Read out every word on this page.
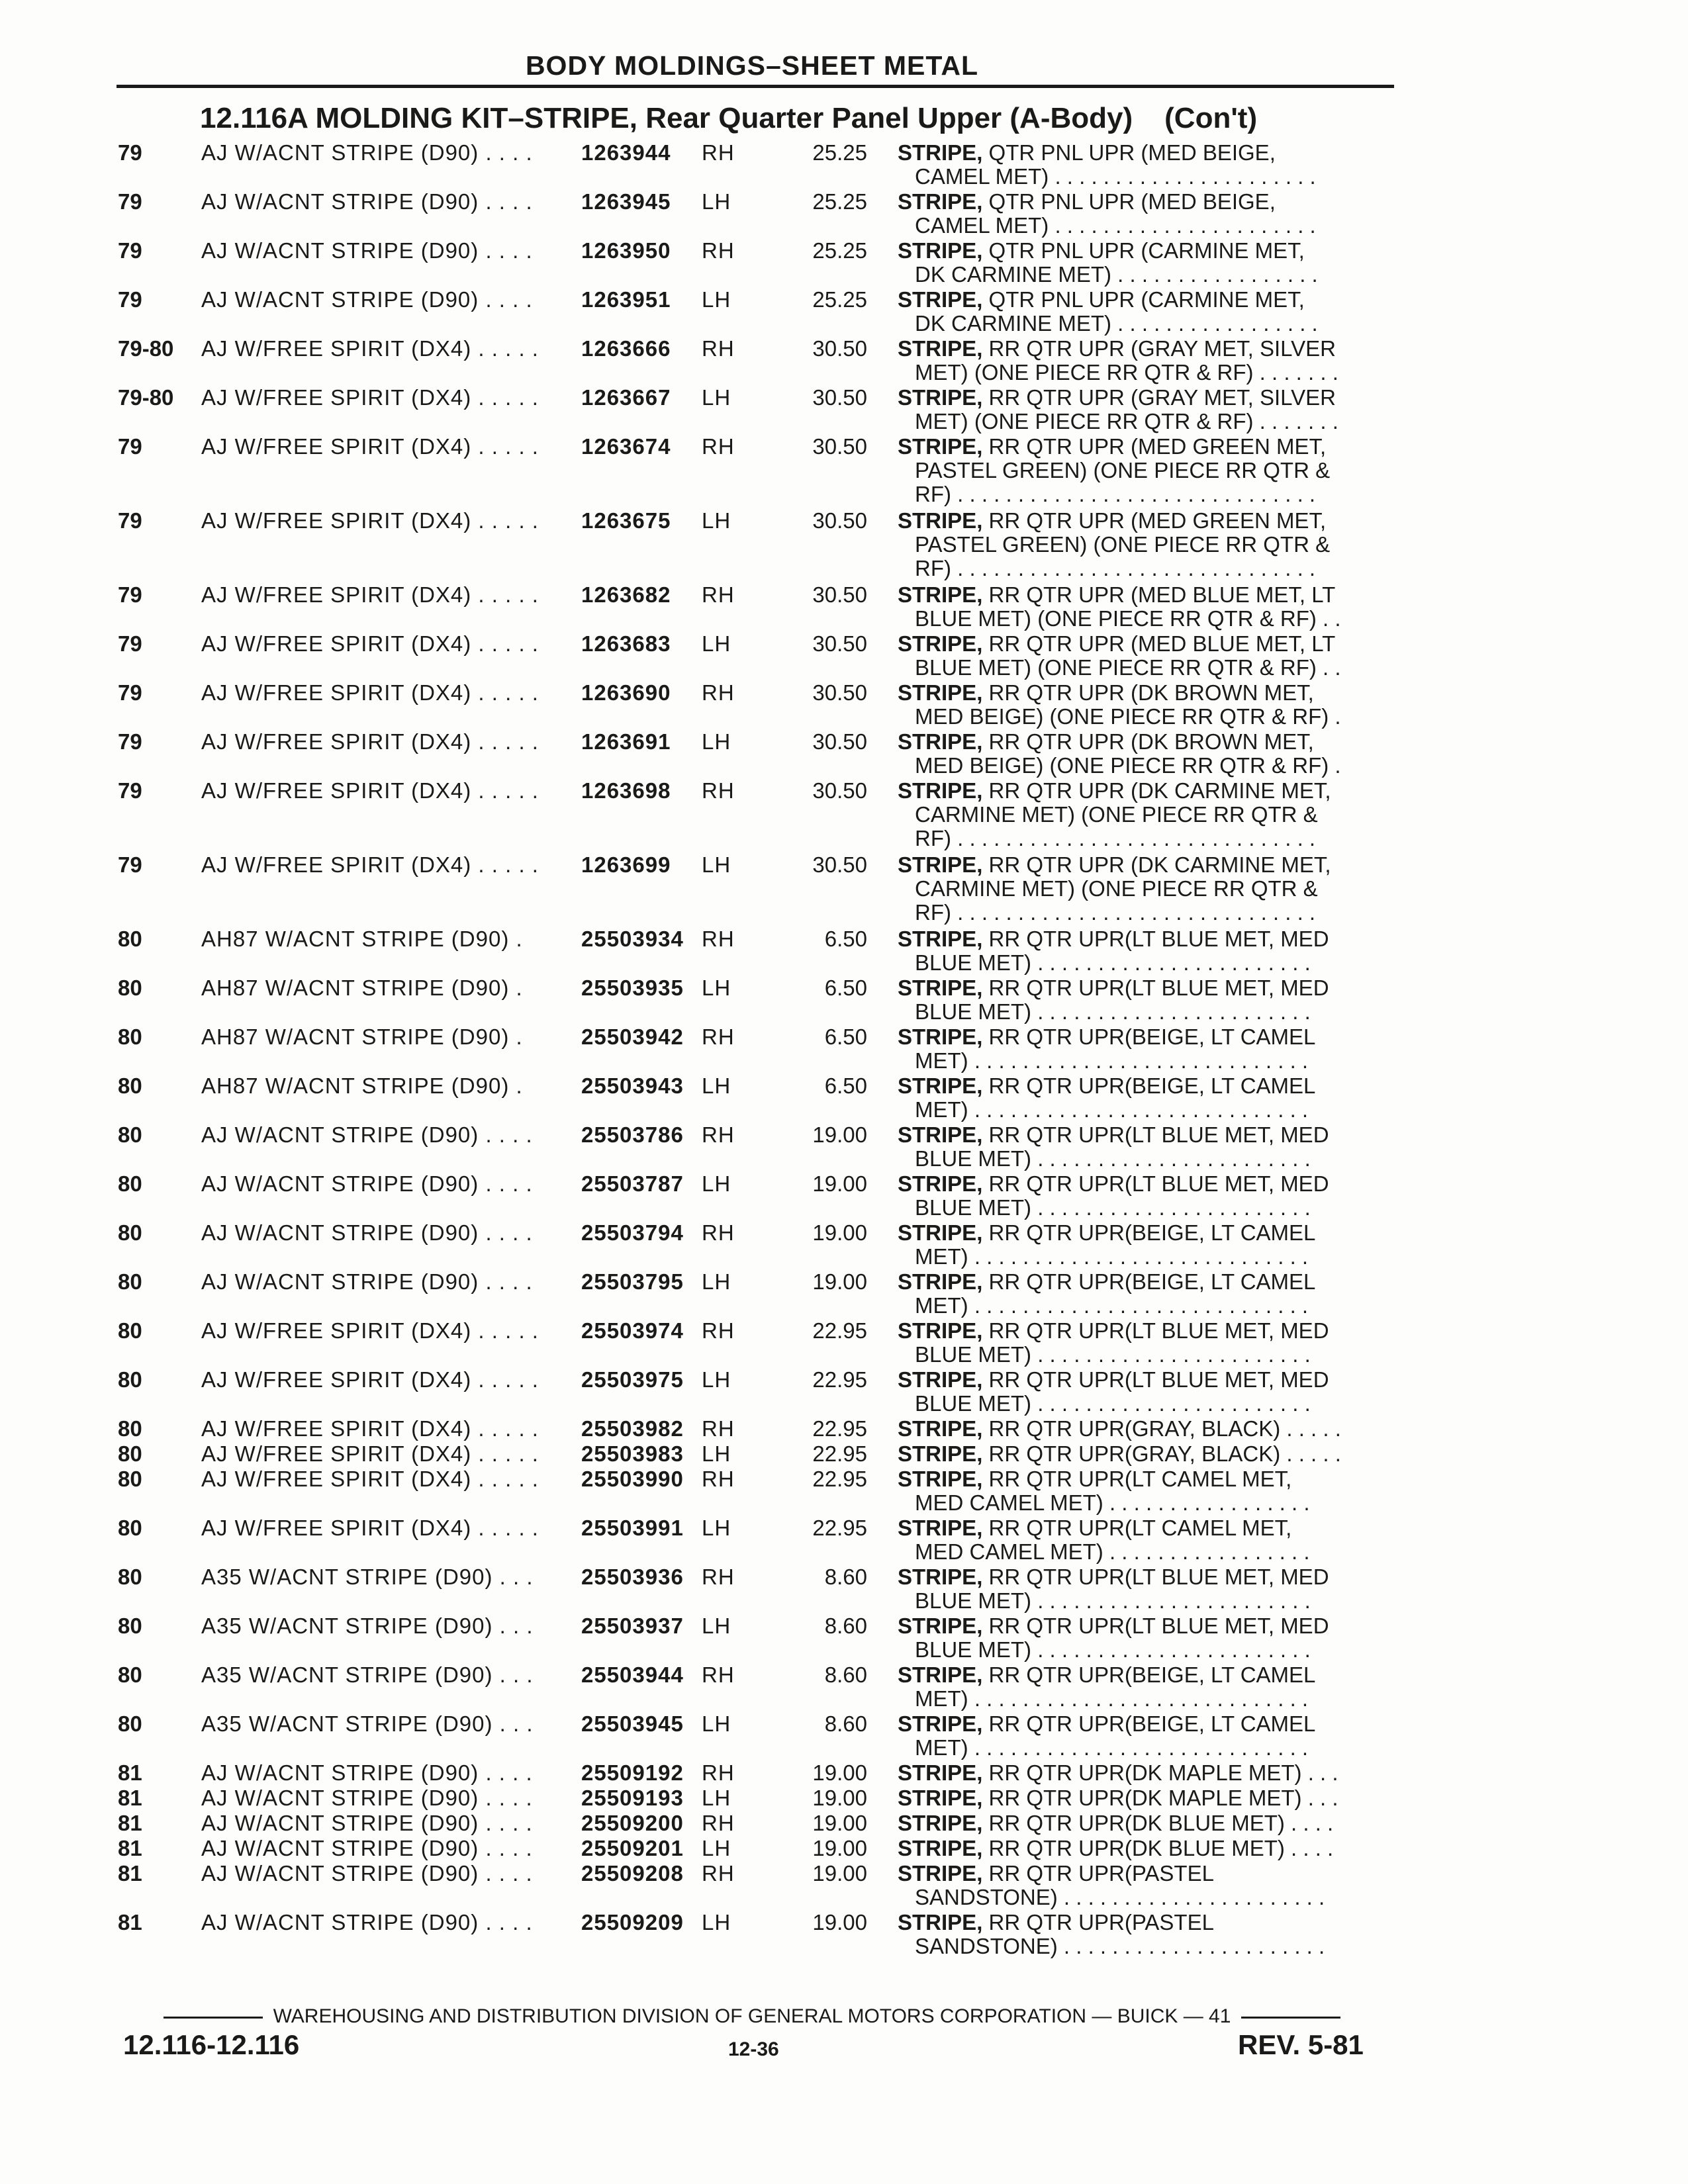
BODY MOLDINGS–SHEET METAL
12.116A MOLDING KIT–STRIPE, Rear Quarter Panel Upper (A-Body) (Con't)
79	AJ W/ACNT STRIPE (D90) . . . . 1263944 RH	25.25 STRIPE, QTR PNL UPR (MED BEIGE,
CAMEL MET) . . . . . . . . . . . . . . . . . . . . . .
79	AJ W/ACNT STRIPE (D90) . . . . 1263945 LH	25.25 STRIPE, QTR PNL UPR (MED BEIGE,
CAMEL MET) . . . . . . . . . . . . . . . . . . . . . .
79	AJ W/ACNT STRIPE (D90) . . . . 1263950 RH	25.25 STRIPE, QTR PNL UPR (CARMINE MET,
DK CARMINE MET) . . . . . . . . . . . . . . . . .
79	AJ W/ACNT STRIPE (D90) . . . . 1263951 LH	25.25 STRIPE, QTR PNL UPR (CARMINE MET,
DK CARMINE MET) . . . . . . . . . . . . . . . . .
79-80 AJ W/FREE SPIRIT (DX4) . . . . . 1263666 RH	30.50 STRIPE, RR QTR UPR (GRAY MET, SILVER
MET) (ONE PIECE RR QTR & RF) . . . . . . .
79-80 AJ W/FREE SPIRIT (DX4) . . . . . 1263667 LH	30.50 STRIPE, RR QTR UPR (GRAY MET, SILVER
MET) (ONE PIECE RR QTR & RF) . . . . . . .
79	AJ W/FREE SPIRIT (DX4) . . . . . 1263674 RH	30.50 STRIPE, RR QTR UPR (MED GREEN MET,
PASTEL GREEN) (ONE PIECE RR QTR &
RF) . . . . . . . . . . . . . . . . . . . . . . . . . . . . . .
79	AJ W/FREE SPIRIT (DX4) . . . . . 1263675 LH	30.50 STRIPE, RR QTR UPR (MED GREEN MET,
PASTEL GREEN) (ONE PIECE RR QTR &
RF) . . . . . . . . . . . . . . . . . . . . . . . . . . . . . .
79	AJ W/FREE SPIRIT (DX4) . . . . . 1263682 RH	30.50 STRIPE, RR QTR UPR (MED BLUE MET, LT
BLUE MET) (ONE PIECE RR QTR & RF) . .
79	AJ W/FREE SPIRIT (DX4) . . . . . 1263683 LH	30.50 STRIPE, RR QTR UPR (MED BLUE MET, LT
BLUE MET) (ONE PIECE RR QTR & RF) . .
79	AJ W/FREE SPIRIT (DX4) . . . . . 1263690 RH	30.50 STRIPE, RR QTR UPR (DK BROWN MET,
MED BEIGE) (ONE PIECE RR QTR & RF) .
79	AJ W/FREE SPIRIT (DX4) . . . . . 1263691 LH	30.50 STRIPE, RR QTR UPR (DK BROWN MET,
MED BEIGE) (ONE PIECE RR QTR & RF) .
79	AJ W/FREE SPIRIT (DX4) . . . . . 1263698 RH	30.50 STRIPE, RR QTR UPR (DK CARMINE MET,
CARMINE MET) (ONE PIECE RR QTR &
RF) . . . . . . . . . . . . . . . . . . . . . . . . . . . . . .
79	AJ W/FREE SPIRIT (DX4) . . . . . 1263699 LH	30.50 STRIPE, RR QTR UPR (DK CARMINE MET,
CARMINE MET) (ONE PIECE RR QTR &
RF) . . . . . . . . . . . . . . . . . . . . . . . . . . . . . .
80	AH87 W/ACNT STRIPE (D90) .	25503934 RH	6.50 STRIPE, RR QTR UPR(LT BLUE MET, MED
BLUE MET) . . . . . . . . . . . . . . . . . . . . . . .
80	AH87 W/ACNT STRIPE (D90) .	25503935 LH	6.50 STRIPE, RR QTR UPR(LT BLUE MET, MED
BLUE MET) . . . . . . . . . . . . . . . . . . . . . . .
80	AH87 W/ACNT STRIPE (D90) .	25503942 RH	6.50 STRIPE, RR QTR UPR(BEIGE, LT CAMEL
MET) . . . . . . . . . . . . . . . . . . . . . . . . . . . .
80	AH87 W/ACNT STRIPE (D90) .	25503943 LH	6.50 STRIPE, RR QTR UPR(BEIGE, LT CAMEL
MET) . . . . . . . . . . . . . . . . . . . . . . . . . . . .
80	AJ W/ACNT STRIPE (D90) . . . . 25503786 RH	19.00 STRIPE, RR QTR UPR(LT BLUE MET, MED
BLUE MET) . . . . . . . . . . . . . . . . . . . . . . .
80	AJ W/ACNT STRIPE (D90) . . . . 25503787 LH	19.00 STRIPE, RR QTR UPR(LT BLUE MET, MED
BLUE MET) . . . . . . . . . . . . . . . . . . . . . . .
80	AJ W/ACNT STRIPE (D90) . . . . 25503794 RH	19.00 STRIPE, RR QTR UPR(BEIGE, LT CAMEL
MET) . . . . . . . . . . . . . . . . . . . . . . . . . . . .
80	AJ W/ACNT STRIPE (D90) . . . . 25503795 LH	19.00 STRIPE, RR QTR UPR(BEIGE, LT CAMEL
MET) . . . . . . . . . . . . . . . . . . . . . . . . . . . .
80	AJ W/FREE SPIRIT (DX4) . . . . . 25503974 RH	22.95 STRIPE, RR QTR UPR(LT BLUE MET, MED
BLUE MET) . . . . . . . . . . . . . . . . . . . . . . .
80	AJ W/FREE SPIRIT (DX4) . . . . . 25503975 LH	22.95 STRIPE, RR QTR UPR(LT BLUE MET, MED
BLUE MET) . . . . . . . . . . . . . . . . . . . . . . .
80	AJ W/FREE SPIRIT (DX4) . . . . . 25503982 RH	22.95 STRIPE, RR QTR UPR(GRAY, BLACK) . . . . .
80	AJ W/FREE SPIRIT (DX4) . . . . . 25503983 LH	22.95 STRIPE, RR QTR UPR(GRAY, BLACK) . . . . .
80	AJ W/FREE SPIRIT (DX4) . . . . . 25503990 RH	22.95 STRIPE, RR QTR UPR(LT CAMEL MET,
MED CAMEL MET) . . . . . . . . . . . . . . . . .
80	AJ W/FREE SPIRIT (DX4) . . . . . 25503991 LH	22.95 STRIPE, RR QTR UPR(LT CAMEL MET,
MED CAMEL MET) . . . . . . . . . . . . . . . . .
80	A35 W/ACNT STRIPE (D90) . . . 25503936 RH	8.60 STRIPE, RR QTR UPR(LT BLUE MET, MED
BLUE MET) . . . . . . . . . . . . . . . . . . . . . . .
80	A35 W/ACNT STRIPE (D90) . . . 25503937 LH	8.60 STRIPE, RR QTR UPR(LT BLUE MET, MED
BLUE MET) . . . . . . . . . . . . . . . . . . . . . . .
80	A35 W/ACNT STRIPE (D90) . . . 25503944 RH	8.60 STRIPE, RR QTR UPR(BEIGE, LT CAMEL
MET) . . . . . . . . . . . . . . . . . . . . . . . . . . . .
80	A35 W/ACNT STRIPE (D90) . . . 25503945 LH	8.60 STRIPE, RR QTR UPR(BEIGE, LT CAMEL
MET) . . . . . . . . . . . . . . . . . . . . . . . . . . . .
81	AJ W/ACNT STRIPE (D90) . . . . 25509192 RH	19.00 STRIPE, RR QTR UPR(DK MAPLE MET) . . .
81	AJ W/ACNT STRIPE (D90) . . . . 25509193 LH	19.00 STRIPE, RR QTR UPR(DK MAPLE MET) . . .
81	AJ W/ACNT STRIPE (D90) . . . . 25509200 RH	19.00 STRIPE, RR QTR UPR(DK BLUE MET) . . . .
81	AJ W/ACNT STRIPE (D90) . . . . 25509201 LH	19.00 STRIPE, RR QTR UPR(DK BLUE MET) . . . .
81	AJ W/ACNT STRIPE (D90) . . . . 25509208 RH	19.00 STRIPE, RR QTR UPR(PASTEL
SANDSTONE) . . . . . . . . . . . . . . . . . . . . . .
81	AJ W/ACNT STRIPE (D90) . . . . 25509209 LH	19.00 STRIPE, RR QTR UPR(PASTEL
SANDSTONE) . . . . . . . . . . . . . . . . . . . . . .
WAREHOUSING AND DISTRIBUTION DIVISION OF GENERAL MOTORS CORPORATION — BUICK — 41
12.116-12.116	12-36	REV. 5-81
